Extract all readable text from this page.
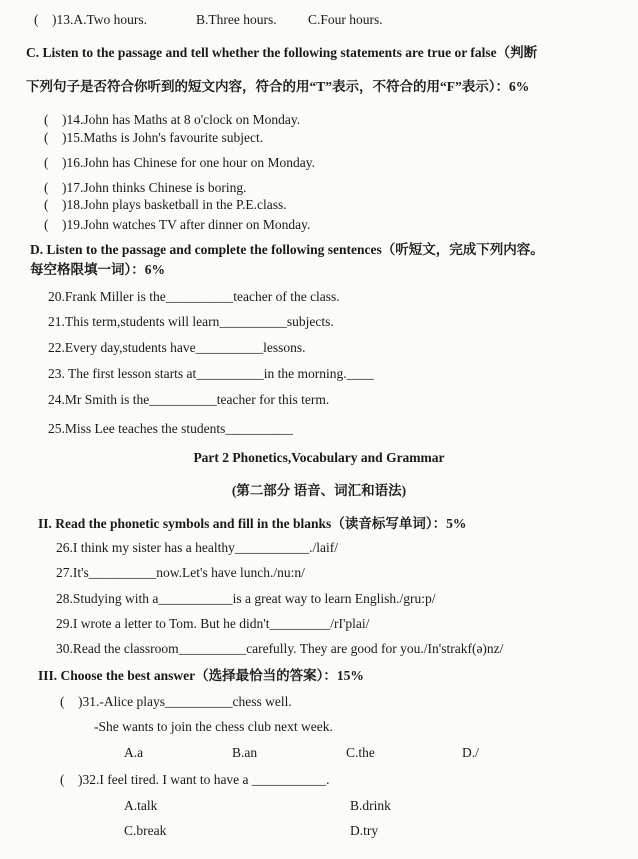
(　)13.A.Two hours.	B.Three hours. C.Four hours.
C. Listen to the passage and tell whether the following statements are true or false（判断
下列句子是否符合你听到的短文内容，符合的用“T”表示，不符合的用“F”表示）：6%
(　)14.John has Maths at 8 o'clock on Monday.
(　)15.Maths is John's favourite subject.
(　)16.John has Chinese for one hour on Monday.
(　)17.John thinks Chinese is boring.
(　)18.John plays basketball in the P.E.class.
(　)19.John watches TV after dinner on Monday.
D. Listen to the passage and complete the following sentences（听短文，完成下列内容。
每空格限填一词）：6%
20.Frank Miller is the__________teacher of the class.
21.This term,students will learn__________subjects.
22.Every day,students have__________lessons.
23. The first lesson starts at__________in the morning.____
24.Mr Smith is the__________teacher for this term.
25.Miss Lee teaches the students__________
Part 2 Phonetics,Vocabulary and Grammar
(第二部分 语音、词汇和语法)
II. Read the phonetic symbols and fill in the blanks（读音标写单词）：5%
26.I think my sister has a healthy___________./laif/
27.It's__________now.Let's have lunch./nu:n/
28.Studying with a___________is a great way to learn English./gru:p/
29.I wrote a letter to Tom. But he didn't_________/rI'plai/
30.Read the classroom__________carefully. They are good for you./In'strakf(ə)nz/
III. Choose the best answer（选择最恰当的答案）：15%
(　)31.-Alice plays__________chess well.
-She wants to join the chess club next week.
A.a	B.an	C.the	D./
(　)32.I feel tired. I want to have a ___________.
A.talk	B.drink
C.break	D.try
